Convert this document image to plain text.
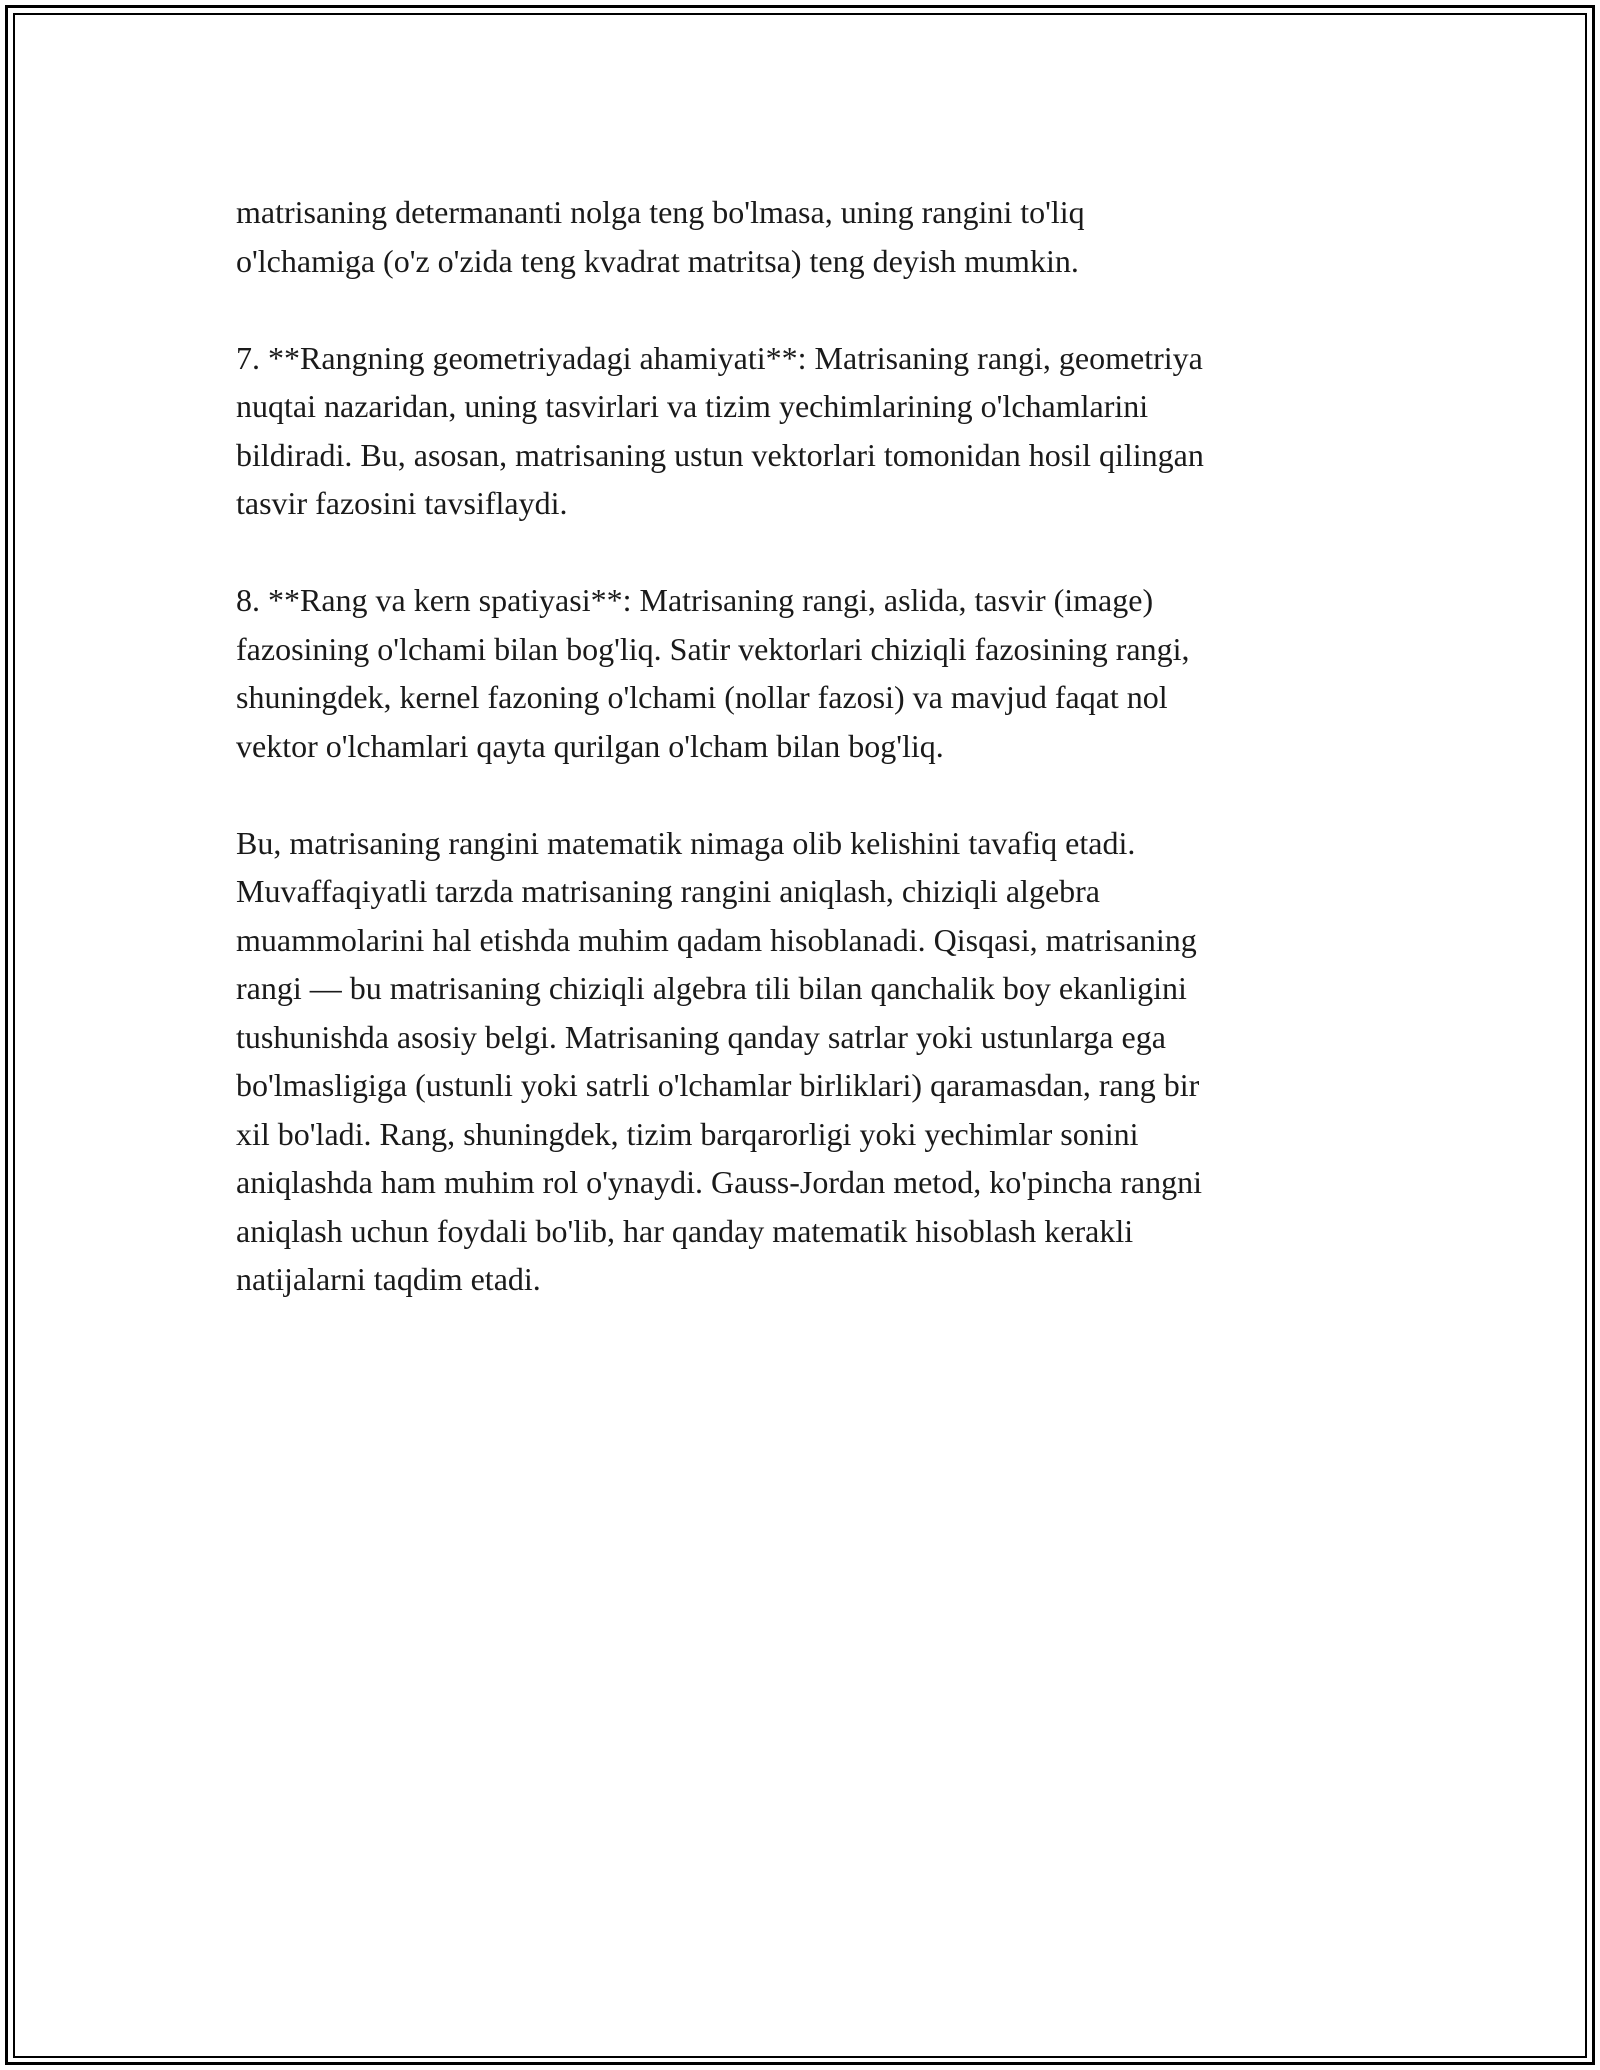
matrisaning determananti nolga teng bo'lmasa, uning rangini to'liq
o'lchamiga (o'z o'zida teng kvadrat matritsa) teng deyish mumkin.

7. **Rangning geometriyadagi ahamiyati**: Matrisaning rangi, geometriya
nuqtai nazaridan, uning tasvirlari va tizim yechimlarining o'lchamlarini
bildiradi. Bu, asosan, matrisaning ustun vektorlari tomonidan hosil qilingan
tasvir fazosini tavsiflaydi.

8. **Rang va kern spatiyasi**: Matrisaning rangi, aslida, tasvir (image)
fazosining o'lchami bilan bog'liq. Satir vektorlari chiziqli fazosining rangi,
shuningdek, kernel fazoning o'lchami (nollar fazosi) va mavjud faqat nol
vektor o'lchamlari qayta qurilgan o'lcham bilan bog'liq.

Bu, matrisaning rangini matematik nimaga olib kelishini tavafiq etadi.
Muvaffaqiyatli tarzda matrisaning rangini aniqlash, chiziqli algebra
muammolarini hal etishda muhim qadam hisoblanadi. Qisqasi, matrisaning
rangi — bu matrisaning chiziqli algebra tili bilan qanchalik boy ekanligini
tushunishda asosiy belgi. Matrisaning qanday satrlar yoki ustunlarga ega
bo'lmasligiga (ustunli yoki satrli o'lchamlar birliklari) qaramasdan, rang bir
xil bo'ladi. Rang, shuningdek, tizim barqarorligi yoki yechimlar sonini
aniqlashda ham muhim rol o'ynaydi. Gauss-Jordan metod, ko'pincha rangni
aniqlash uchun foydali bo'lib, har qanday matematik hisoblash kerakli
natijalarni taqdim etadi.
